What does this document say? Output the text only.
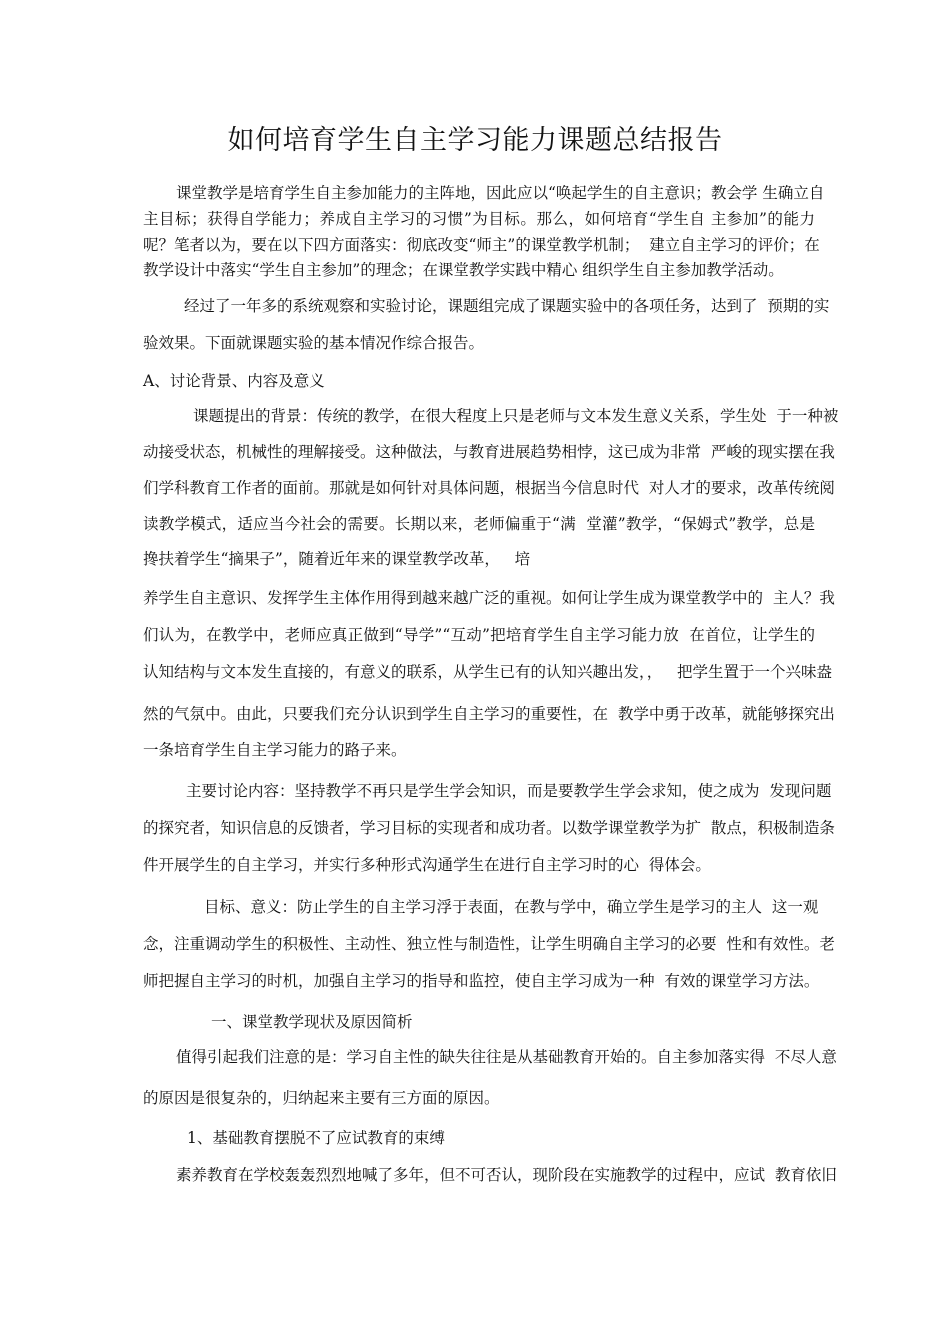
如何培育学生自主学习能力课题总结报告
课堂教学是培育学生自主参加能力的主阵地，因此应以“唤起学生的自主意识；教会学 生确立自
主目标；获得自学能力；养成自主学习的习惯”为目标。那么，如何培育“学生自 主参加”的能力
呢？笔者以为，要在以下四方面落实：彻底改变“师主”的课堂教学机制；  建立自主学习的评价；在
教学设计中落实“学生自主参加”的理念；在课堂教学实践中精心 组织学生自主参加教学活动。
经过了一年多的系统观察和实验讨论，课题组完成了课题实验中的各项任务，达到了  预期的实
验效果。下面就课题实验的基本情况作综合报告。
A、讨论背景、内容及意义
课题提出的背景：传统的教学，在很大程度上只是老师与文本发生意义关系，学生处  于一种被
动接受状态，机械性的理解接受。这种做法，与教育进展趋势相悖，这已成为非常  严峻的现实摆在我
们学科教育工作者的面前。那就是如何针对具体问题，根据当今信息时代  对人才的要求，改革传统阅
读教学模式，适应当今社会的需要。长期以来，老师偏重于“满  堂灌”教学，“保姆式”教学，总是
搀扶着学生“摘果子”，随着近年来的课堂教学改革，   培
养学生自主意识、发挥学生主体作用得到越来越广泛的重视。如何让学生成为课堂教学中的  主人？我
们认为，在教学中，老师应真正做到“导学”“互动”把培育学生自主学习能力放  在首位，让学生的
认知结构与文本发生直接的，有意义的联系，从学生已有的认知兴趣出发，，   把学生置于一个兴味盎
然的气氛中。由此，只要我们充分认识到学生自主学习的重要性，在  教学中勇于改革，就能够探究出
一条培育学生自主学习能力的路子来。
主要讨论内容：坚持教学不再只是学生学会知识，而是要教学生学会求知，使之成为  发现问题
的探究者，知识信息的反馈者，学习目标的实现者和成功者。以数学课堂教学为扩  散点，积极制造条
件开展学生的自主学习，并实行多种形式沟通学生在进行自主学习时的心  得体会。
目标、意义：防止学生的自主学习浮于表面，在教与学中，确立学生是学习的主人  这一观
念，注重调动学生的积极性、主动性、独立性与制造性，让学生明确自主学习的必要  性和有效性。老
师把握自主学习的时机，加强自主学习的指导和监控，使自主学习成为一种  有效的课堂学习方法。
一、课堂教学现状及原因简析
值得引起我们注意的是：学习自主性的缺失往往是从基础教育开始的。自主参加落实得  不尽人意
的原因是很复杂的，归纳起来主要有三方面的原因。
1、基础教育摆脱不了应试教育的束缚
素养教育在学校轰轰烈烈地喊了多年，但不可否认，现阶段在实施教学的过程中，应试  教育依旧
